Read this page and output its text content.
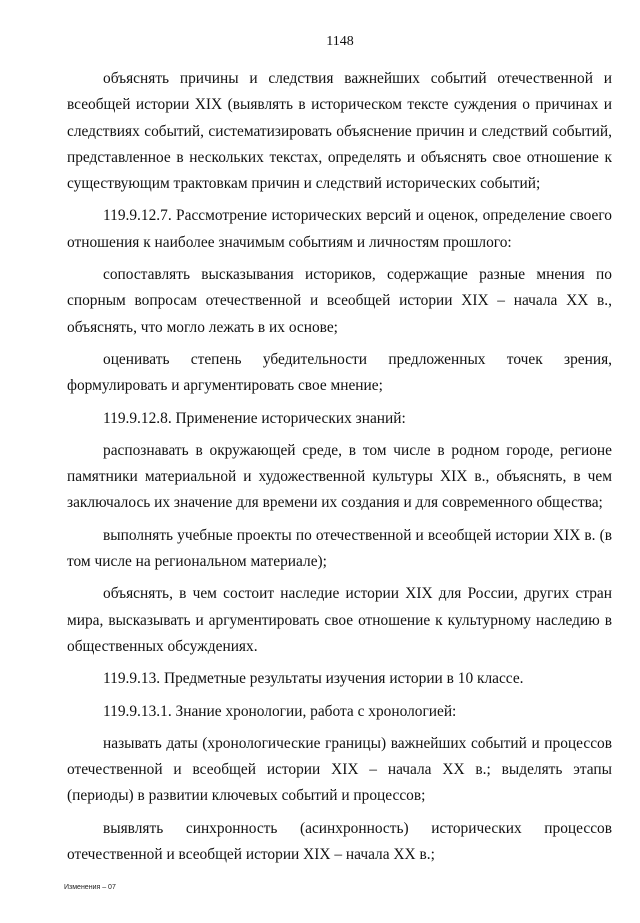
1148

объяснять причины и следствия важнейших событий отечественной и всеобщей истории XIX (выявлять в историческом тексте суждения о причинах и следствиях событий, систематизировать объяснение причин и следствий событий, представленное в нескольких текстах, определять и объяснять свое отношение к существующим трактовкам причин и следствий исторических событий;

119.9.12.7. Рассмотрение исторических версий и оценок, определение своего отношения к наиболее значимым событиям и личностям прошлого:

сопоставлять высказывания историков, содержащие разные мнения по спорным вопросам отечественной и всеобщей истории XIX – начала XX в., объяснять, что могло лежать в их основе;

оценивать степень убедительности предложенных точек зрения, формулировать и аргументировать свое мнение;

119.9.12.8. Применение исторических знаний:

распознавать в окружающей среде, в том числе в родном городе, регионе памятники материальной и художественной культуры XIX в., объяснять, в чем заключалось их значение для времени их создания и для современного общества;

выполнять учебные проекты по отечественной и всеобщей истории XIX в. (в том числе на региональном материале);

объяснять, в чем состоит наследие истории XIX для России, других стран мира, высказывать и аргументировать свое отношение к культурному наследию в общественных обсуждениях.

119.9.13. Предметные результаты изучения истории в 10 классе.

119.9.13.1. Знание хронологии, работа с хронологией:

называть даты (хронологические границы) важнейших событий и процессов отечественной и всеобщей истории XIX – начала XX в.; выделять этапы (периоды) в развитии ключевых событий и процессов;

выявлять синхронность (асинхронность) исторических процессов отечественной и всеобщей истории XIX – начала XX в.;

Изменения – 07
